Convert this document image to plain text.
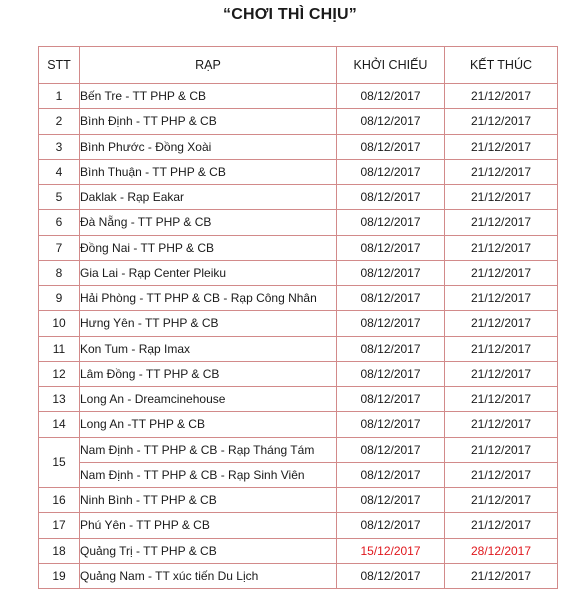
“CHƠI THÌ CHỊU”
STT	RẠP	KHỞI CHIẾU	KẾT THÚC
1	Bến Tre - TT PHP & CB	08/12/2017	21/12/2017
2	Bình Định - TT PHP & CB	08/12/2017	21/12/2017
3	Bình Phước - Đồng Xoài	08/12/2017	21/12/2017
4	Bình Thuận - TT PHP & CB	08/12/2017	21/12/2017
5	Daklak - Rạp Eakar	08/12/2017	21/12/2017
6	Đà Nẵng - TT PHP & CB	08/12/2017	21/12/2017
7	Đồng Nai - TT PHP & CB	08/12/2017	21/12/2017
8	Gia Lai - Rạp Center Pleiku	08/12/2017	21/12/2017
9	Hải Phòng - TT PHP & CB - Rạp Công Nhân	08/12/2017	21/12/2017
10	Hưng Yên - TT PHP & CB	08/12/2017	21/12/2017
11	Kon Tum - Rạp Imax	08/12/2017	21/12/2017
12	Lâm Đồng - TT PHP & CB	08/12/2017	21/12/2017
13	Long An - Dreamcinehouse	08/12/2017	21/12/2017
14	Long An -TT PHP & CB	08/12/2017	21/12/2017
15	Nam Định - TT PHP & CB - Rạp Tháng Tám	08/12/2017	21/12/2017
	Nam Định - TT PHP & CB - Rạp Sinh Viên	08/12/2017	21/12/2017
16	Ninh Bình - TT PHP & CB	08/12/2017	21/12/2017
17	Phú Yên - TT PHP & CB	08/12/2017	21/12/2017
18	Quảng Trị - TT PHP & CB	15/12/2017	28/12/2017
19	Quảng Nam - TT xúc tiến Du Lịch	08/12/2017	21/12/2017
